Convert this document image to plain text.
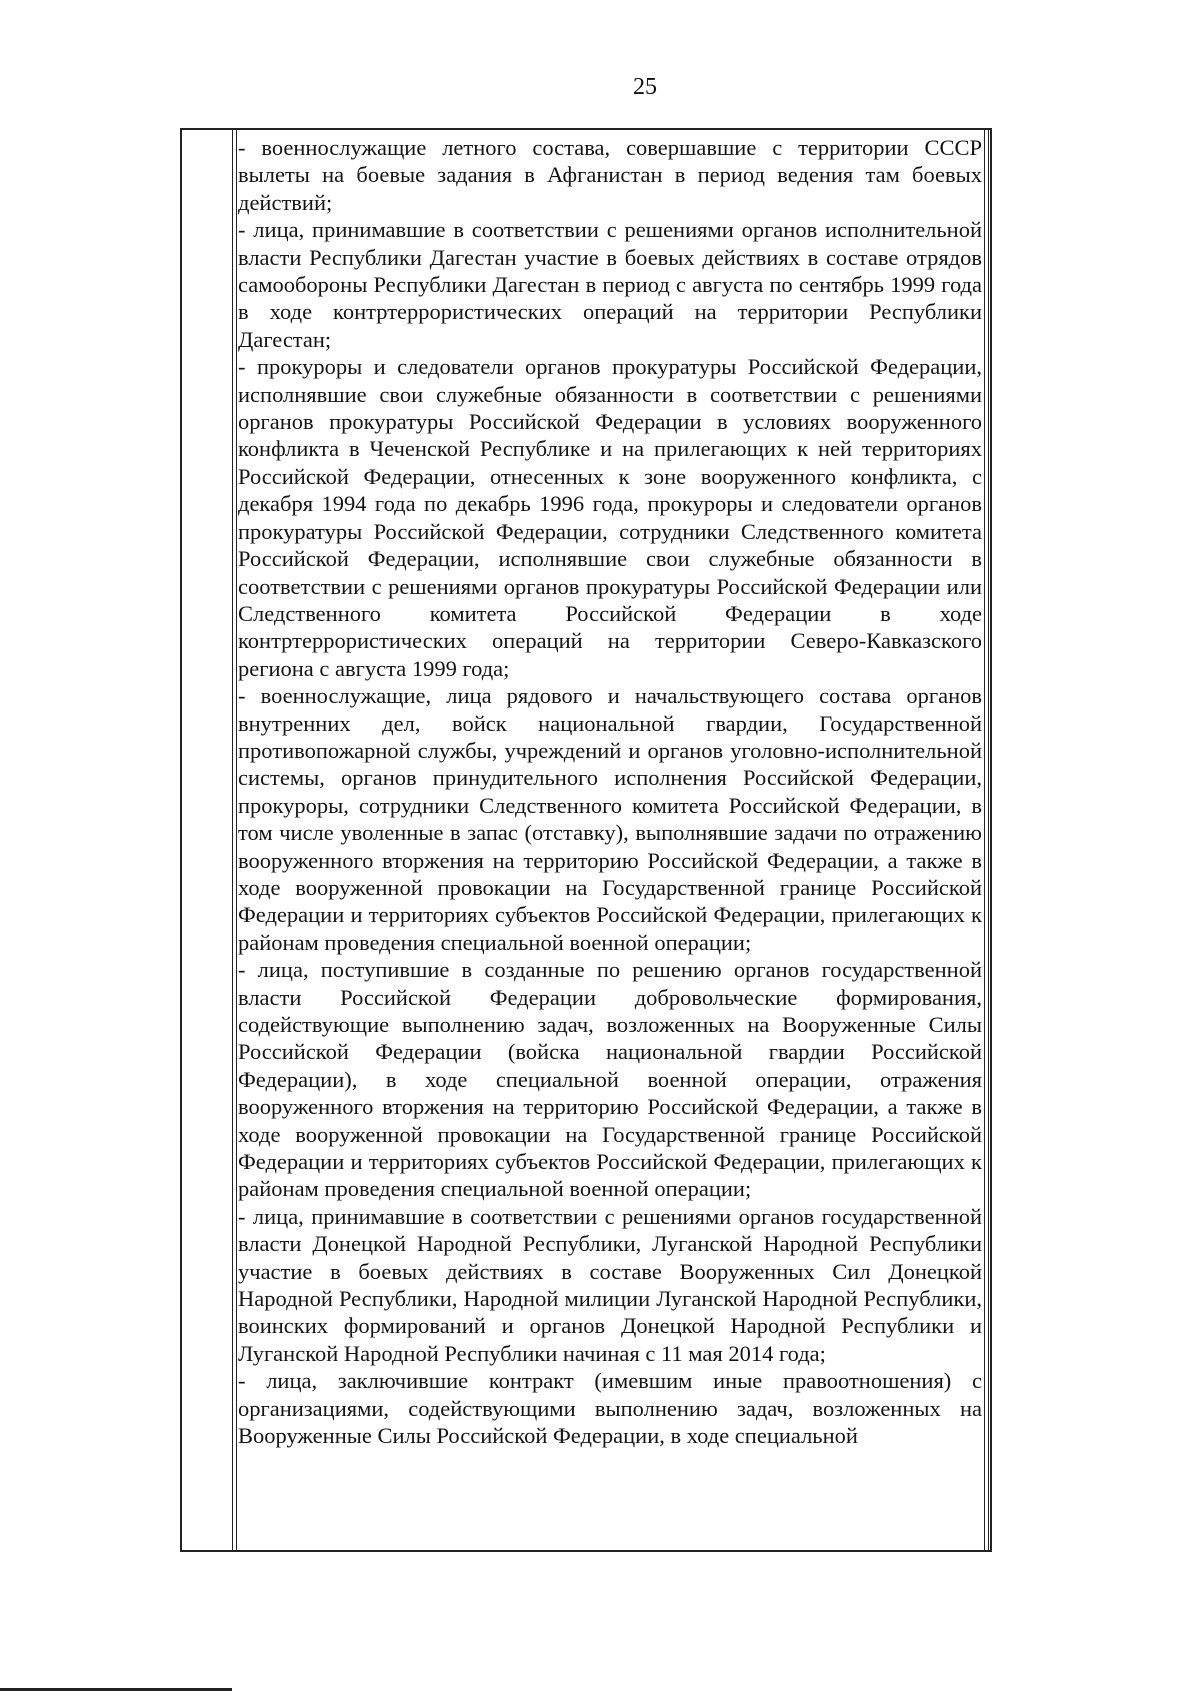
25

- военнослужащие летного состава, совершавшие с территории СССР вылеты на боевые задания в Афганистан в период ведения там боевых действий;

- лица, принимавшие в соответствии с решениями органов исполнительной власти Республики Дагестан участие в боевых действиях в составе отрядов самообороны Республики Дагестан в период с августа по сентябрь 1999 года в ходе контртеррористических операций на территории Республики Дагестан;

- прокуроры и следователи органов прокуратуры Российской Федерации, исполнявшие свои служебные обязанности в соответствии с решениями органов прокуратуры Российской Федерации в условиях вооруженного конфликта в Чеченской Республике и на прилегающих к ней территориях Российской Федерации, отнесенных к зоне вооруженного конфликта, с декабря 1994 года по декабрь 1996 года, прокуроры и следователи органов прокуратуры Российской Федерации, сотрудники Следственного комитета Российской Федерации, исполнявшие свои служебные обязанности в соответствии с решениями органов прокуратуры Российской Федерации или Следственного комитета Российской Федерации в ходе контртеррористических операций на территории Северо-Кавказского региона с августа 1999 года;

- военнослужащие, лица рядового и начальствующего состава органов внутренних дел, войск национальной гвардии, Государственной противопожарной службы, учреждений и органов уголовно-исполнительной системы, органов принудительного исполнения Российской Федерации, прокуроры, сотрудники Следственного комитета Российской Федерации, в том числе уволенные в запас (отставку), выполнявшие задачи по отражению вооруженного вторжения на территорию Российской Федерации, а также в ходе вооруженной провокации на Государственной границе Российской Федерации и территориях субъектов Российской Федерации, прилегающих к районам проведения специальной военной операции;

- лица, поступившие в созданные по решению органов государственной власти Российской Федерации добровольческие формирования, содействующие выполнению задач, возложенных на Вооруженные Силы Российской Федерации (войска национальной гвардии Российской Федерации), в ходе специальной военной операции, отражения вооруженного вторжения на территорию Российской Федерации, а также в ходе вооруженной провокации на Государственной границе Российской Федерации и территориях субъектов Российской Федерации, прилегающих к районам проведения специальной военной операции;

- лица, принимавшие в соответствии с решениями органов государственной власти Донецкой Народной Республики, Луганской Народной Республики участие в боевых действиях в составе Вооруженных Сил Донецкой Народной Республики, Народной милиции Луганской Народной Республики, воинских формирований и органов Донецкой Народной Республики и Луганской Народной Республики начиная с 11 мая 2014 года;

- лица, заключившие контракт (имевшим иные правоотношения) с организациями, содействующими выполнению задач, возложенных на Вооруженные Силы Российской Федерации, в ходе специальной
